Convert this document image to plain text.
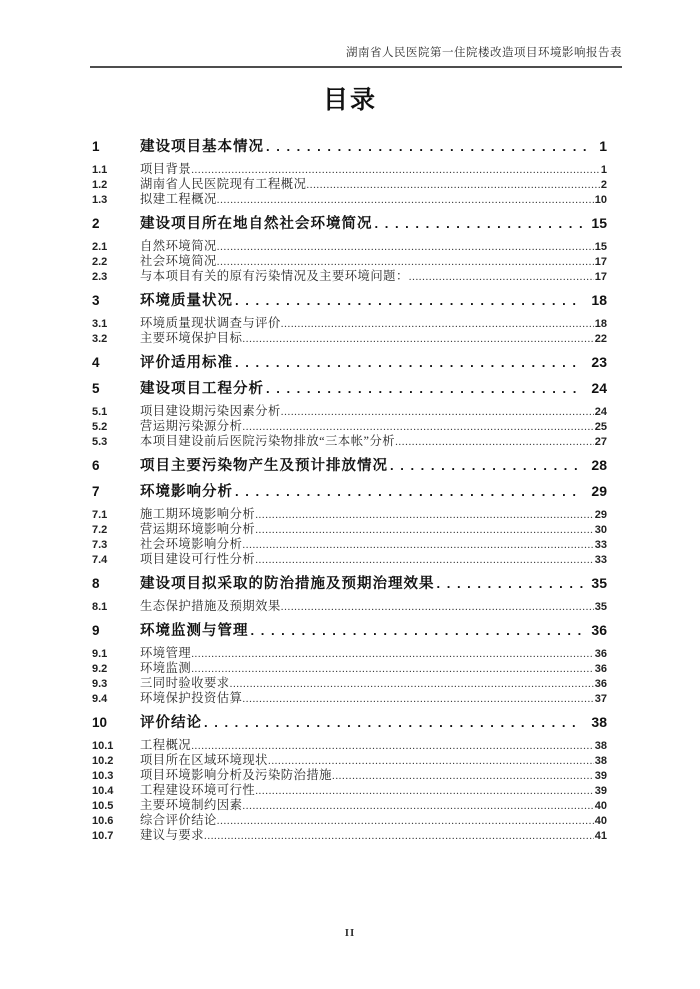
湖南省人民医院第一住院楼改造项目环境影响报告表
目录
1	建设项目基本情况 . . .	1
1.1	项目背景 .....	1
1.2	湖南省人民医院现有工程概况 .....	2
1.3	拟建工程概况 .....	10
2	建设项目所在地自然社会环境简况 . . .	15
2.1	自然环境简况 .....	15
2.2	社会环境简况 .....	17
2.3	与本项目有关的原有污染情况及主要环境问题： .....	17
3	环境质量状况 . . .	18
3.1	环境质量现状调查与评价 .....	18
3.2	主要环境保护目标 .....	22
4	评价适用标准 . . .	23
5	建设项目工程分析 . . .	24
5.1	项目建设期污染因素分析 .....	24
5.2	营运期污染源分析 .....	25
5.3	本项目建设前后医院污染物排放“三本帐”分析 .....	27
6	项目主要污染物产生及预计排放情况 . . .	28
7	环境影响分析 . . .	29
7.1	施工期环境影响分析 .....	29
7.2	营运期环境影响分析 .....	30
7.3	社会环境影响分析 .....	33
7.4	项目建设可行性分析 .....	33
8	建设项目拟采取的防治措施及预期治理效果 . . .	35
8.1	生态保护措施及预期效果 .....	35
9	环境监测与管理 . . .	36
9.1	环境管理 .....	36
9.2	环境监测 .....	36
9.3	三同时验收要求 .....	36
9.4	环境保护投资估算 .....	37
10	评价结论 . . .	38
10.1	工程概况 .....	38
10.2	项目所在区域环境现状 .....	38
10.3	项目环境影响分析及污染防治措施 .....	39
10.4	工程建设环境可行性 .....	39
10.5	主要环境制约因素 .....	40
10.6	综合评价结论 .....	40
10.7	建议与要求 .....	41
II
